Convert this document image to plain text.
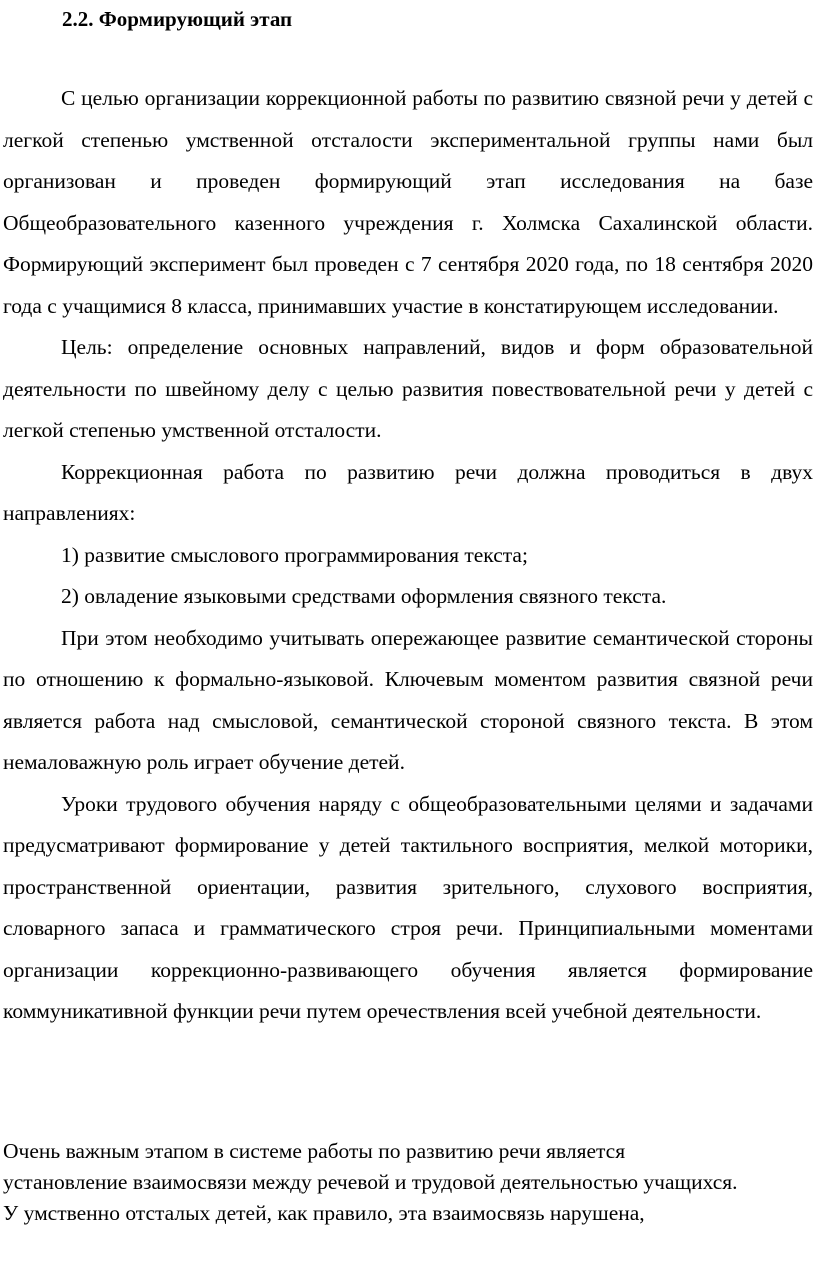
2.2. Формирующий этап

С целью организации коррекционной работы по развитию связной речи у детей с легкой степенью умственной отсталости экспериментальной группы нами был организован и проведен формирующий этап исследования на базе Общеобразовательного казенного учреждения г. Холмска Сахалинской области. Формирующий эксперимент был проведен с 7 сентября 2020 года, по 18 сентября 2020 года с учащимися 8 класса, принимавших участие в констатирующем исследовании.

Цель: определение основных направлений, видов и форм образовательной деятельности по швейному делу с целью развития повествовательной речи у детей с легкой степенью умственной отсталости.

Коррекционная работа по развитию речи должна проводиться в двух направлениях:

1) развитие смыслового программирования текста;

2) овладение языковыми средствами оформления связного текста.

При этом необходимо учитывать опережающее развитие семантической стороны по отношению к формально-языковой. Ключевым моментом развития связной речи является работа над смысловой, семантической стороной связного текста. В этом немаловажную роль играет обучение детей.

Уроки трудового обучения наряду с общеобразовательными целями и задачами предусматривают формирование у детей тактильного восприятия, мелкой моторики, пространственной ориентации, развития зрительного, слухового восприятия, словарного запаса и грамматического строя речи. Принципиальными моментами организации коррекционно-развивающего обучения является формирование коммуникативной функции речи путем оречествления всей учебной деятельности.

Очень важным этапом в системе работы по развитию речи является установление взаимосвязи между речевой и трудовой деятельностью учащихся. У умственно отсталых детей, как правило, эта взаимосвязь нарушена,
